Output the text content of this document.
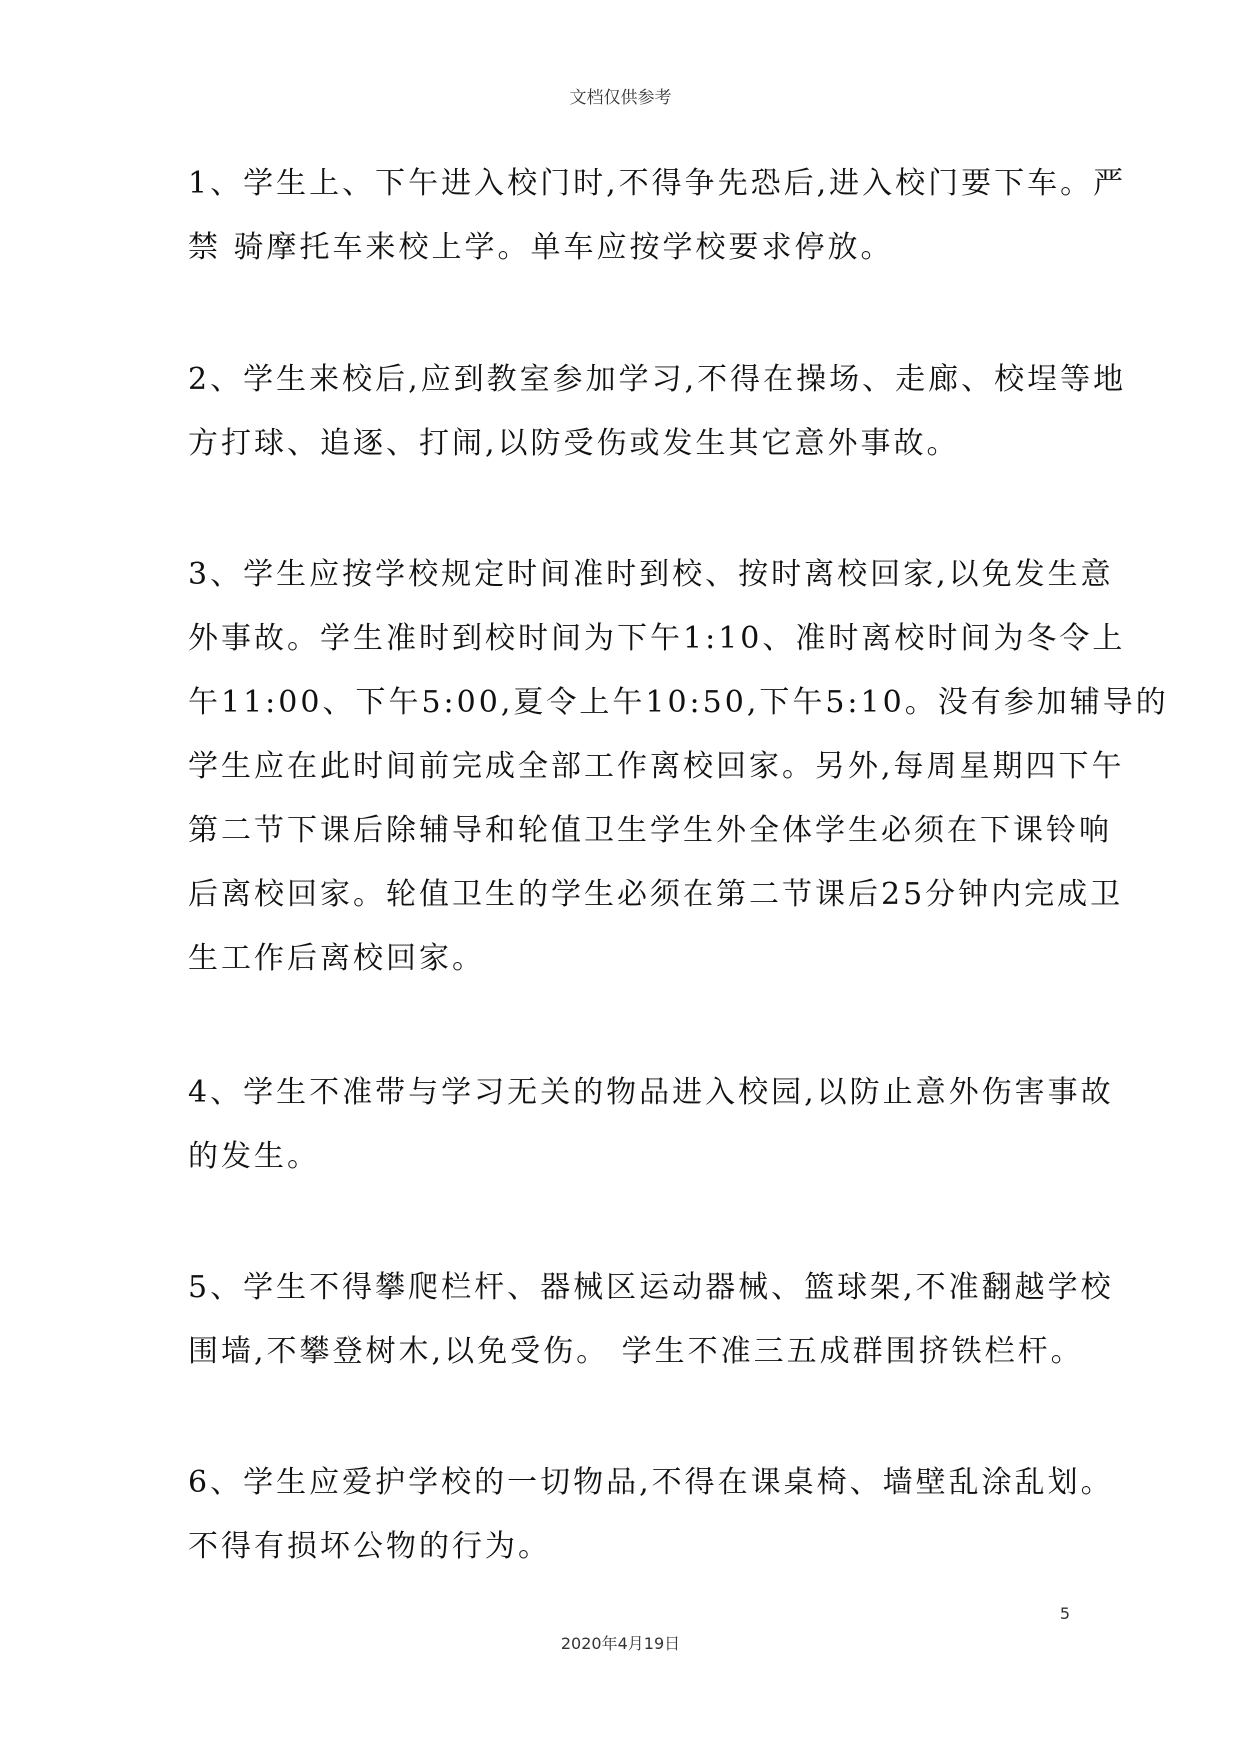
文档仅供参考

1、学生上、下午进入校门时,不得争先恐后,进入校门要下车。严
禁 骑摩托车来校上学。单车应按学校要求停放。

2、学生来校后,应到教室参加学习,不得在操场、走廊、校埕等地
方打球、追逐、打闹,以防受伤或发生其它意外事故。

3、学生应按学校规定时间准时到校、按时离校回家,以免发生意
外事故。学生准时到校时间为下午1:10、准时离校时间为冬令上
午11:00、下午5:00,夏令上午10:50,下午5:10。没有参加辅导的
学生应在此时间前完成全部工作离校回家。另外,每周星期四下午
第二节下课后除辅导和轮值卫生学生外全体学生必须在下课铃响
后离校回家。轮值卫生的学生必须在第二节课后25分钟内完成卫
生工作后离校回家。

4、学生不准带与学习无关的物品进入校园,以防止意外伤害事故
的发生。

5、学生不得攀爬栏杆、器械区运动器械、篮球架,不准翻越学校
围墙,不攀登树木,以免受伤。 学生不准三五成群围挤铁栏杆。

6、学生应爱护学校的一切物品,不得在课桌椅、墙壁乱涂乱划。
不得有损坏公物的行为。

5
2020年4月19日
